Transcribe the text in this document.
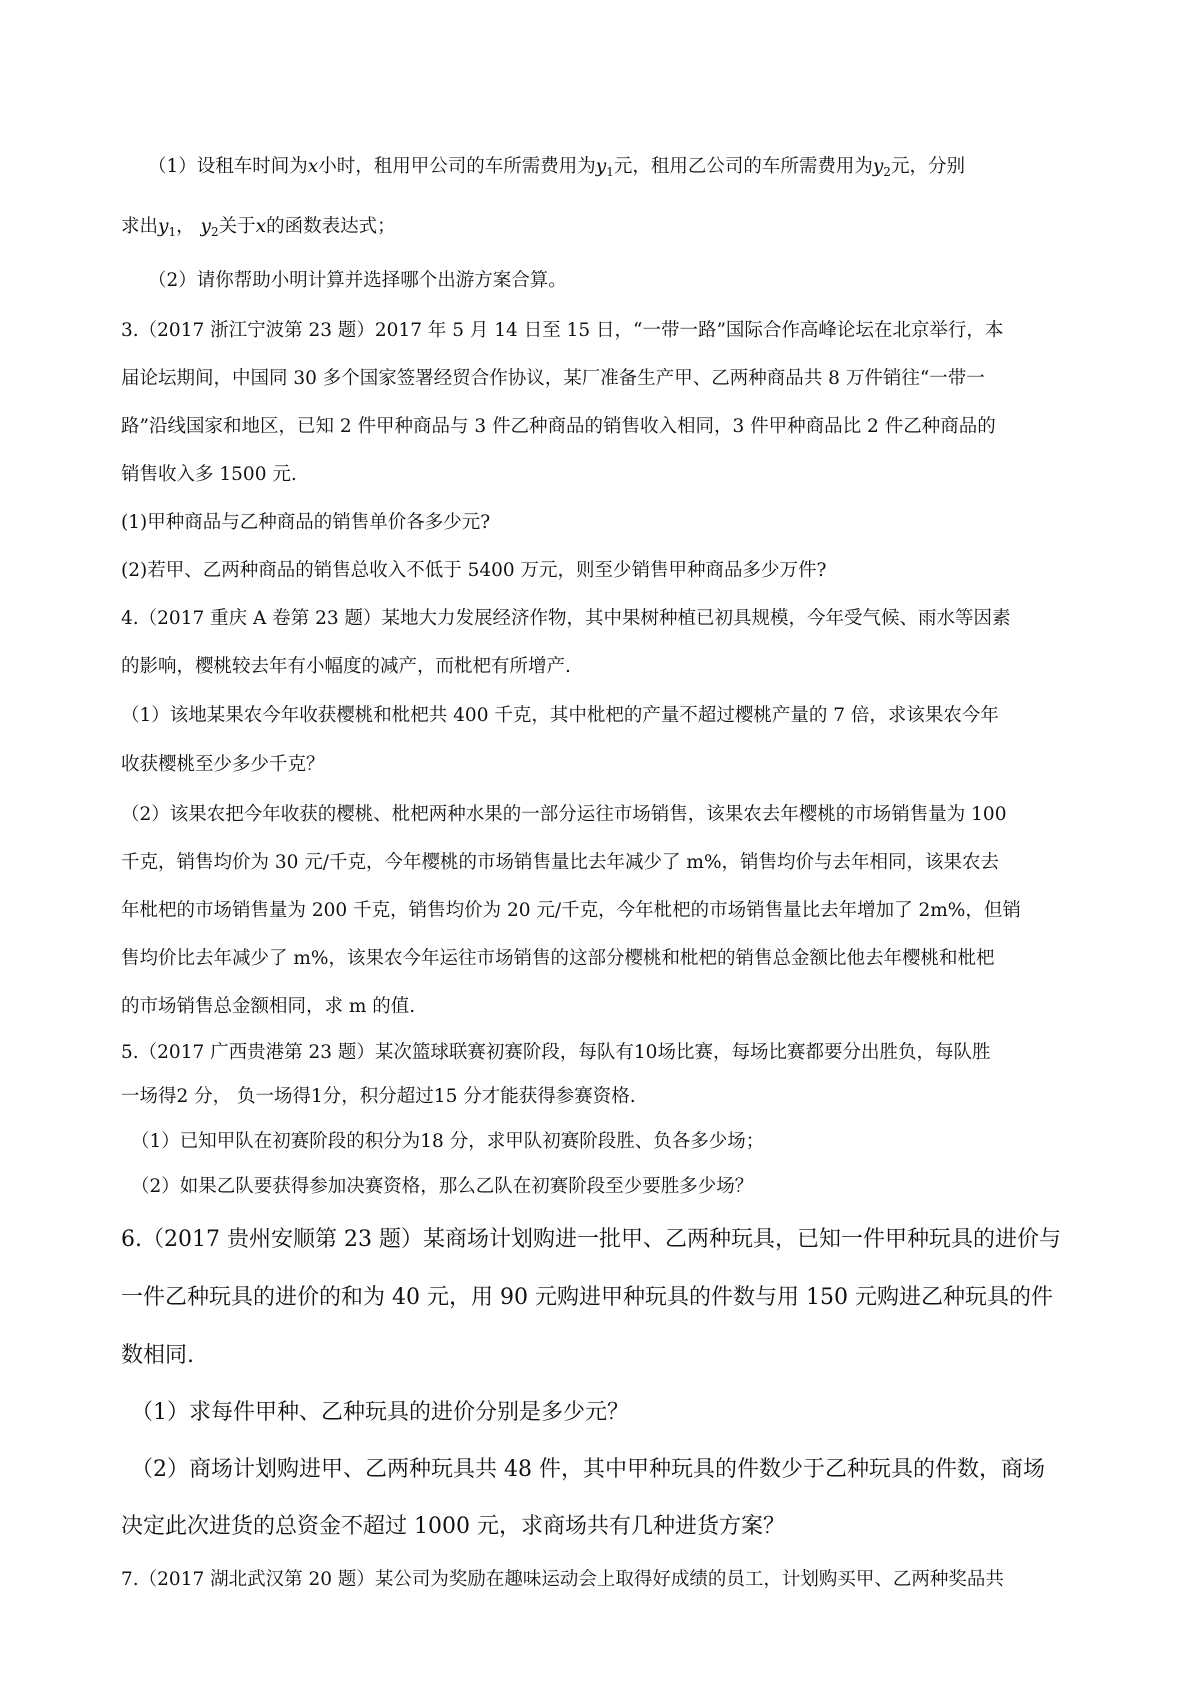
（1）设租车时间为x小时，租用甲公司的车所需费用为$y_1$元，租用乙公司的车所需费用为$y_2$元，分别
求出$y_1$， $y_2$关于x的函数表达式；
（2）请你帮助小明计算并选择哪个出游方案合算。
3.（2017 浙江宁波第 23 题）2017 年 5 月 14 日至 15 日，“一带一路”国际合作高峰论坛在北京举行，本
届论坛期间，中国同 30 多个国家签署经贸合作协议，某厂准备生产甲、乙两种商品共 8 万件销往“一带一
路”沿线国家和地区，已知 2 件甲种商品与 3 件乙种商品的销售收入相同，3 件甲种商品比 2 件乙种商品的
销售收入多 1500 元.
(1)甲种商品与乙种商品的销售单价各多少元?
(2)若甲、乙两种商品的销售总收入不低于 5400 万元，则至少销售甲种商品多少万件?
4.（2017 重庆 A 卷第 23 题）某地大力发展经济作物，其中果树种植已初具规模，今年受气候、雨水等因素
的影响，樱桃较去年有小幅度的减产，而枇杷有所增产.
（1）该地某果农今年收获樱桃和枇杷共 400 千克，其中枇杷的产量不超过樱桃产量的 7 倍，求该果农今年
收获樱桃至少多少千克？
（2）该果农把今年收获的樱桃、枇杷两种水果的一部分运往市场销售，该果农去年樱桃的市场销售量为 100
千克，销售均价为 30 元/千克，今年樱桃的市场销售量比去年减少了 m%，销售均价与去年相同，该果农去
年枇杷的市场销售量为 200 千克，销售均价为 20 元/千克，今年枇杷的市场销售量比去年增加了 2m%，但销
售均价比去年减少了 m%，该果农今年运往市场销售的这部分樱桃和枇杷的销售总金额比他去年樱桃和枇杷
的市场销售总金额相同，求 m 的值.
5.（2017 广西贵港第 23 题）某次篮球联赛初赛阶段，每队有10场比赛，每场比赛都要分出胜负，每队胜
一场得2 分， 负一场得1分，积分超过15 分才能获得参赛资格.
（1）已知甲队在初赛阶段的积分为18 分，求甲队初赛阶段胜、负各多少场；
（2）如果乙队要获得参加决赛资格，那么乙队在初赛阶段至少要胜多少场？
6.（2017 贵州安顺第 23 题）某商场计划购进一批甲、乙两种玩具，已知一件甲种玩具的进价与
一件乙种玩具的进价的和为 40 元，用 90 元购进甲种玩具的件数与用 150 元购进乙种玩具的件
数相同.
（1）求每件甲种、乙种玩具的进价分别是多少元？
（2）商场计划购进甲、乙两种玩具共 48 件，其中甲种玩具的件数少于乙种玩具的件数，商场
决定此次进货的总资金不超过 1000 元，求商场共有几种进货方案？
7.（2017 湖北武汉第 20 题）某公司为奖励在趣味运动会上取得好成绩的员工，计划购买甲、乙两种奖品共
